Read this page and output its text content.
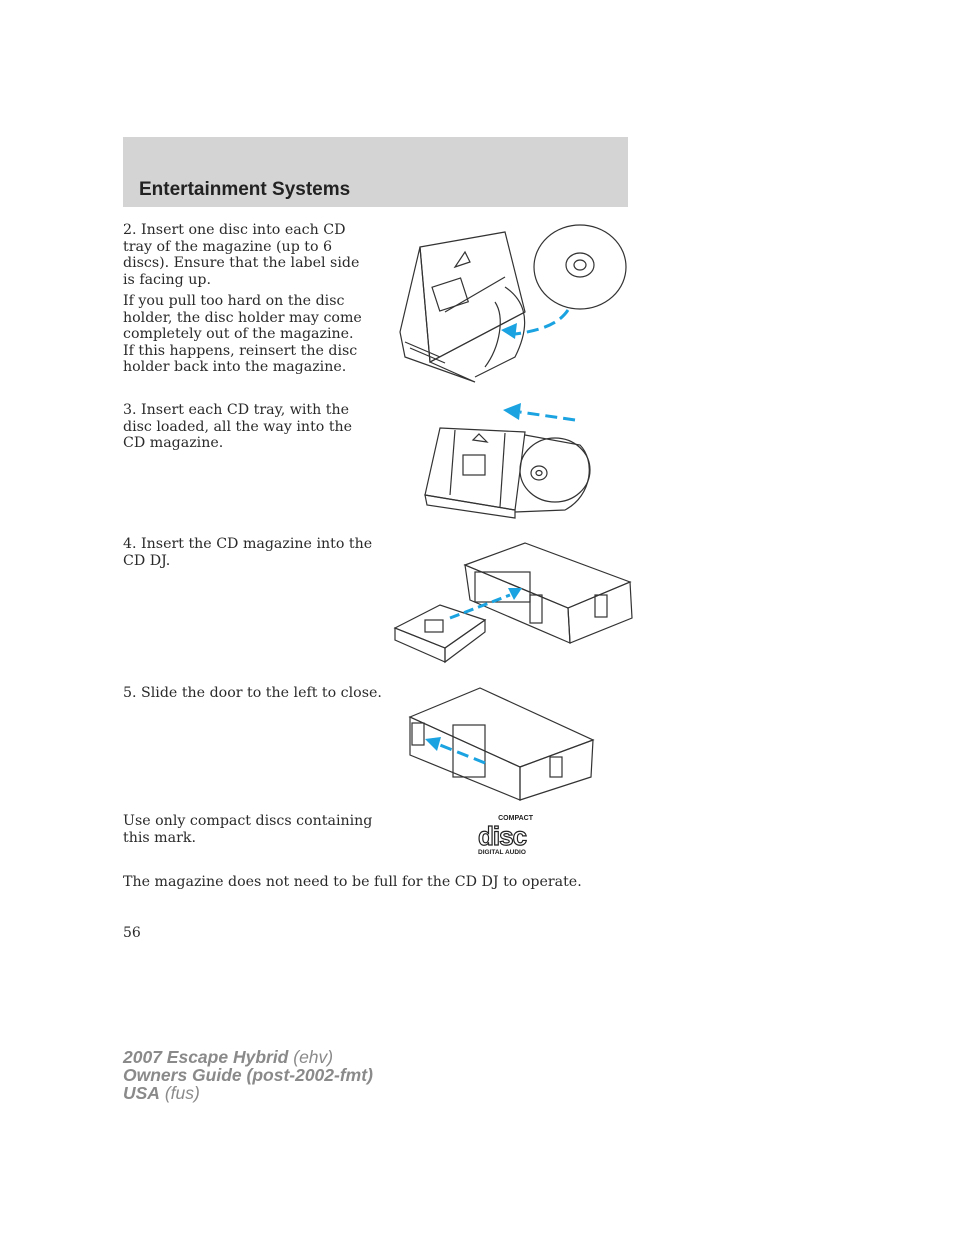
Entertainment Systems
2. Insert one disc into each CD tray of the magazine (up to 6 discs). Ensure that the label side is facing up.
If you pull too hard on the disc holder, the disc holder may come completely out of the magazine. If this happens, reinsert the disc holder back into the magazine.
3. Insert each CD tray, with the disc loaded, all the way into the CD magazine.
4. Insert the CD magazine into the CD DJ.
5. Slide the door to the left to close.
Use only compact discs containing this mark.
COMPACT
disc
DIGITAL AUDIO
The magazine does not need to be full for the CD DJ to operate.
56
2007 Escape Hybrid (ehv)
Owners Guide (post-2002-fmt)
USA (fus)
